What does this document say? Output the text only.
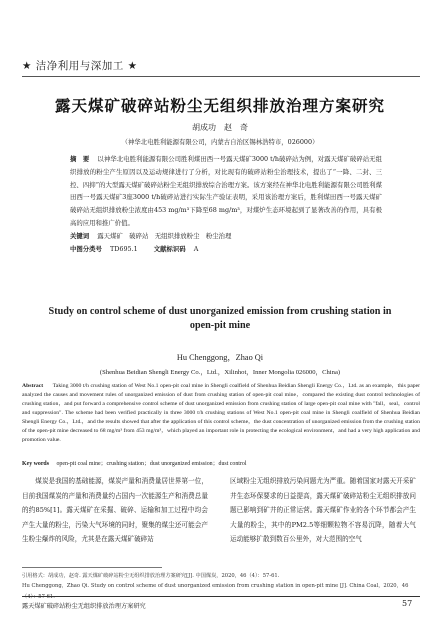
★ 洁净利用与深加工 ★
露天煤矿破碎站粉尘无组织排放治理方案研究
胡成功　赵　奇
（神华北电胜利能源有限公司，内蒙古自治区锡林浩特市，026000）
摘　要 以神华北电胜利能源有限公司胜利煤田西一号露天煤矿3000 t/h破碎站为例，对露天煤矿破碎站无组织排放的粉尘产生原因以及运动规律进行了分析，对比现有的破碎站粉尘治理技术，提出了“一降、二封、三控、四抑”的大型露天煤矿破碎站粉尘无组织排放综合治理方案。该方案经在神华北电胜利能源有限公司胜利煤田西一号露天煤矿3座3000 t/h破碎站进行实际生产验证表明，采用该治理方案后，胜利煤田西一号露天煤矿破碎站无组织排放粉尘浓度由453 mg/m³下降至68 mg/m³，对煤炉生态环境起到了显著改善的作用，具有极高的应用和推广价值。
关键词 露天煤矿　破碎站　无组织排放粉尘　粉尘治理
中图分类号 TD695.1	文献标识码 A
Study on control scheme of dust unorganized emission from crushing station in open-pit mine
Hu Chenggong，Zhao Qi
(Shenhua Beidian Shengli Energy Co.，Ltd.，Xilinhot，Inner Mongolia 026000，China)
Abstract Taking 3000 t/h crushing station of West No.1 open-pit coal mine in Shengli coalfield of Shenhua Beidian Shengli Energy Co.，Ltd. as an example，this paper analyzed the causes and movement rules of unorganized emission of dust from crushing station of open-pit coal mine，compared the existing dust control technologies of crushing station，and put forward a comprehensive control scheme of dust unorganized emission from crushing station of large open-pit coal mine with "fall，seal，control and suppression". The scheme had been verified practically in three 3000 t/h crushing stations of West No.1 open-pit coal mine in Shengli coalfield of Shenhua Beidian Shengli Energy Co.，Ltd.，and the results showed that after the application of this control scheme，the dust concentration of unorganized emission from the crushing station of the open-pit mine decreased to 68 mg/m³ from 453 mg/m³，which played an important role in protecting the ecological environment，and had a very high application and promotion value.
Key words open-pit coal mine；crushing station；dust unorganized emission；dust control
煤炭是我国的基础能源，煤炭产量和消费量居世界第一位，目前我国煤炭的产量和消费量约占国内一次能源生产和消费总量的约85%[1]。露天煤矿在采掘、破碎、运输和加工过程中均会产生大量的粉尘，污染大气环境的同时，聚集的煤尘还可能会产生粉尘爆炸的风险，尤其是在露天煤矿破碎站
区域粉尘无组织排放污染问题尤为严重。随着国家对露天开采矿井生态环保要求的日益提高，露天煤矿破碎站粉尘无组织排放问题已影响到矿井的正常运营。露天煤矿作业的各个环节都会产生大量的粉尘，其中的PM2.5等细颗粒物不容易沉降，随着大气运动能够扩散到数百公里外，对大范围的空气
引用格式：胡成功，赵奇. 露天煤矿破碎站粉尘无组织排放治理方案研究[J]. 中国煤炭，2020，46（4）：57-61.
Hu Chenggong，Zhao Qi. Study on control scheme of dust unorganized emission from crushing station in open-pit mine [J]. China Coal，2020，46
露天煤矿破碎站粉尘无组织排放治理方案研究	57
